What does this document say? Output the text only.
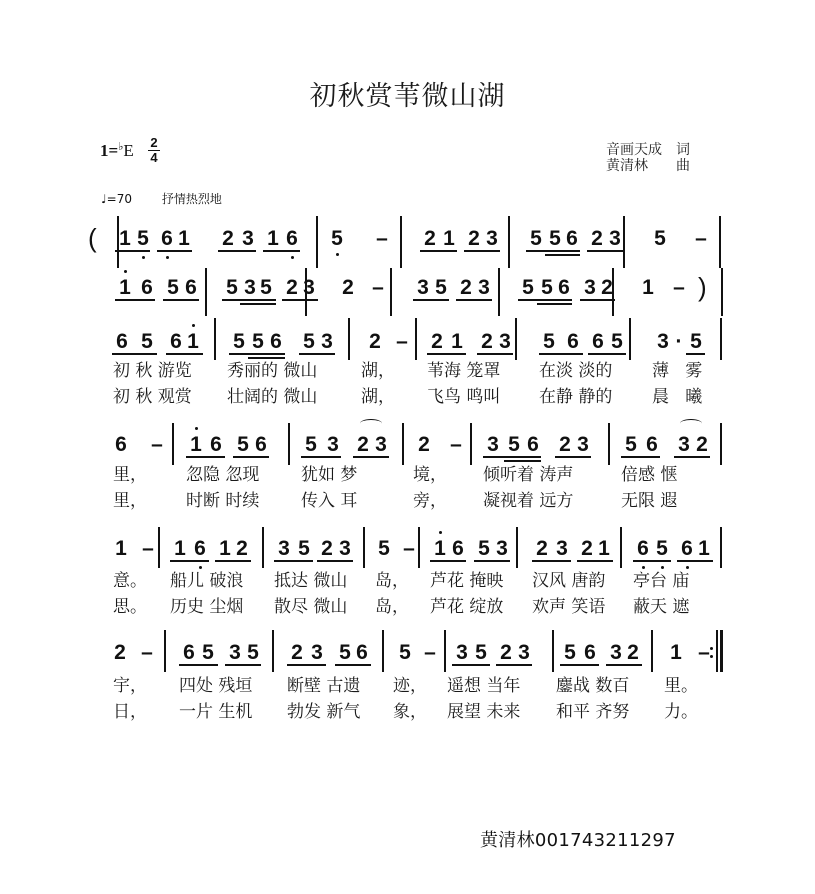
初秋赏苇微山湖
1=♭E 2
4	音画天成	词
黄清林	曲
♩=70 抒情热烈地
( 1 5 6 1 2 3 1 6 5 – 2 1 2 3 5 5 6 2 3 5 –
)
1 6 5 6 5 3 5 2 3 2 – 3 5 2 3 5 5 6 3 2 1 –
6 5 6 1 5 5 6 5 3 2 – 2 1 2 3 5 6 6 5 3 · 5
初 秋 游览 秀丽的 微山	湖， 苇海 笼罩 在淡 淡的 薄   雾
初 秋 观赏 壮阔的 微山	湖， 飞鸟 鸣叫 在静 静的 晨   曦
6 – 1 6 5 6 5 3 2 3 2 – 3 5 6 2 3 5 6 3 2
里， 忽隐 忽现 犹如 梦	境， 倾听着 涛声	倍感 惬
里， 时断 时续 传入 耳	旁， 凝视着 远方	无限 遐
1 – 1 6 1 2 3 5 2 3 5 – 1 6 5 3 2 3 2 1 6 5 6 1
意。 船儿 破浪 抵达 微山 岛， 芦花 掩映 汉风 唐韵 亭台 庙
思。 历史 尘烟 散尽 微山 岛， 芦花 绽放 欢声 笑语 蔽天 遮
2 – 6 5 3 5 2 3 5 6 5 – 3 5 2 3 5 6 3 2 1 –
宇， 四处 残垣 断壁 古遗 迹， 遥想 当年 鏖战 数百 里。
日， 一片 生机 勃发 新气 象， 展望 未来 和平 齐努 力。
黄清林001743211297
